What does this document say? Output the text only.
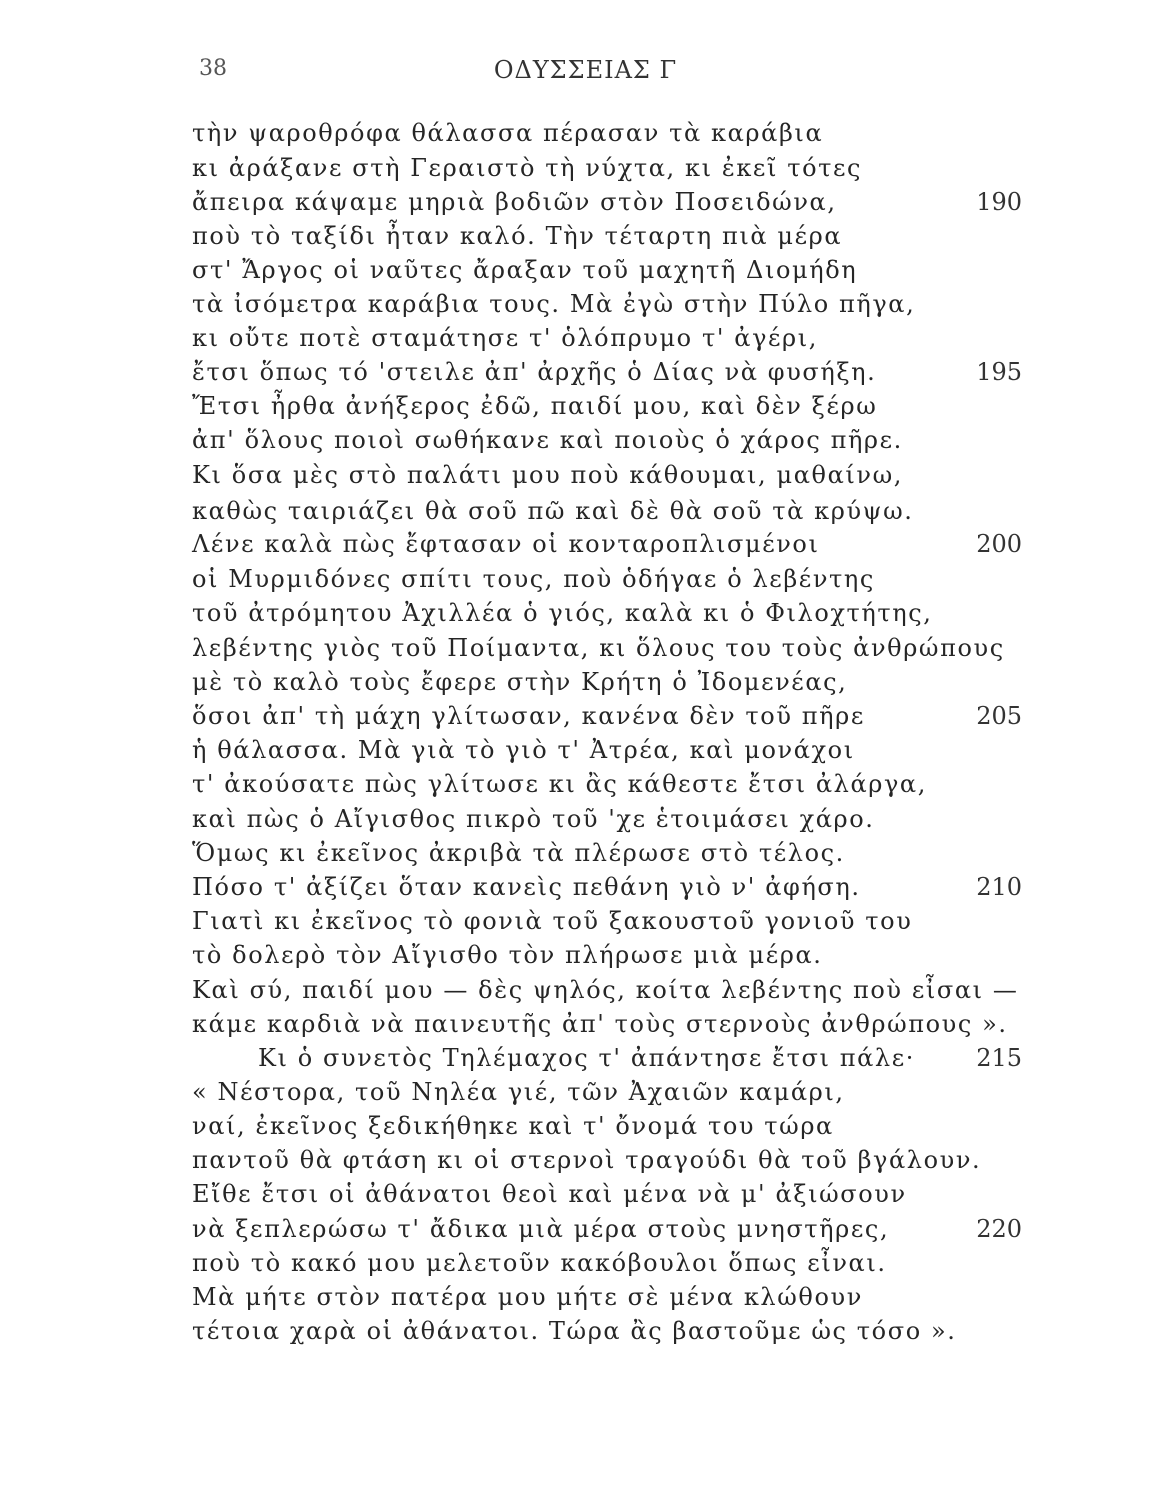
38	ΟΔΥΣΣΕΙΑΣ Γ
τὴν ψαροθρόφα θάλασσα πέρασαν τὰ καράβια
κι ἀράξανε στὴ Γεραιστὸ τὴ νύχτα, κι ἐκεῖ τότες
ἄπειρα κάψαμε μηριὰ βοδιῶν στὸν Ποσειδώνα,
ποὺ τὸ ταξίδι ἦταν καλό. Τὴν τέταρτη πιὰ μέρα
στ' Ἄργος οἱ ναῦτες ἄραξαν τοῦ μαχητῆ Διομήδη
τὰ ἰσόμετρα καράβια τους. Μὰ ἐγὼ στὴν Πύλο πῆγα,
κι οὔτε ποτὲ σταμάτησε τ' ὁλόπρυμο τ' ἀγέρι,
ἔτσι ὅπως τό 'στειλε ἀπ' ἀρχῆς ὁ Δίας νὰ φυσήξη.
Ἔτσι ἦρθα ἀνήξερος ἐδῶ, παιδί μου, καὶ δὲν ξέρω
ἀπ' ὅλους ποιοὶ σωθήκανε καὶ ποιοὺς ὁ χάρος πῆρε.
Κι ὅσα μὲς στὸ παλάτι μου ποὺ κάθουμαι, μαθαίνω,
καθὼς ταιριάζει θὰ σοῦ πῶ καὶ δὲ θὰ σοῦ τὰ κρύψω.
Λένε καλὰ πὼς ἔφτασαν οἱ κονταροπλισμένοι
οἱ Μυρμιδόνες σπίτι τους, ποὺ ὁδήγαε ὁ λεβέντης
τοῦ ἀτρόμητου Ἀχιλλέα ὁ γιός, καλὰ κι ὁ Φιλοχτήτης,
λεβέντης γιὸς τοῦ Ποίμαντα, κι ὅλους του τοὺς ἀνθρώπους
μὲ τὸ καλὸ τοὺς ἔφερε στὴν Κρήτη ὁ Ἰδομενέας,
ὅσοι ἀπ' τὴ μάχη γλίτωσαν, κανένα δὲν τοῦ πῆρε
ἡ θάλασσα. Μὰ γιὰ τὸ γιὸ τ' Ἀτρέα, καὶ μονάχοι
τ' ἀκούσατε πὼς γλίτωσε κι ἂς κάθεστε ἔτσι ἀλάργα,
καὶ πὼς ὁ Αἴγισθος πικρὸ τοῦ 'χε ἑτοιμάσει χάρο.
Ὅμως κι ἐκεῖνος ἀκριβὰ τὰ πλέρωσε στὸ τέλος.
Πόσο τ' ἀξίζει ὅταν κανεὶς πεθάνη γιὸ ν' ἀφήση.
Γιατὶ κι ἐκεῖνος τὸ φονιὰ τοῦ ξακουστοῦ γονιοῦ του
τὸ δολερὸ τὸν Αἴγισθο τὸν πλήρωσε μιὰ μέρα.
Καὶ σύ, παιδί μου — δὲς ψηλός, κοίτα λεβέντης ποὺ εἶσαι —
κάμε καρδιὰ νὰ παινευτῆς ἀπ' τοὺς στερνοὺς ἀνθρώπους ».
Κι ὁ συνετὸς Τηλέμαχος τ' ἀπάντησε ἔτσι πάλε·
« Νέστορα, τοῦ Νηλέα γιέ, τῶν Ἀχαιῶν καμάρι,
ναί, ἐκεῖνος ξεδικήθηκε καὶ τ' ὄνομά του τώρα
παντοῦ θὰ φτάση κι οἱ στερνοὶ τραγούδι θὰ τοῦ βγάλουν.
Εἴθε ἔτσι οἱ ἀθάνατοι θεοὶ καὶ μένα νὰ μ' ἀξιώσουν
νὰ ξεπλερώσω τ' ἄδικα μιὰ μέρα στοὺς μνηστῆρες,
ποὺ τὸ κακό μου μελετοῦν κακόβουλοι ὅπως εἶναι.
Μὰ μήτε στὸν πατέρα μου μήτε σὲ μένα κλώθουν
τέτοια χαρὰ οἱ ἀθάνατοι. Τώρα ἂς βαστοῦμε ὡς τόσο ».
190
195
200
205
210
215
220
